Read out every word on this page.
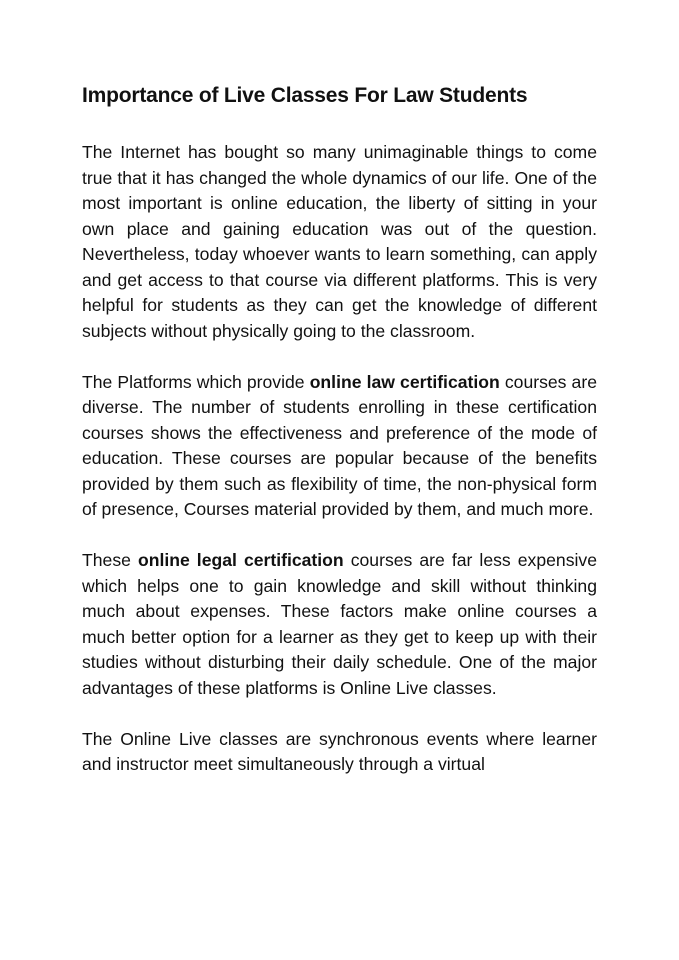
Importance of Live Classes For Law Students

The Internet has bought so many unimaginable things to come true that it has changed the whole dynamics of our life. One of the most important is online education, the liberty of sitting in your own place and gaining education was out of the question. Nevertheless, today whoever wants to learn something, can apply and get access to that course via different platforms. This is very helpful for students as they can get the knowledge of different subjects without physically going to the classroom.

The Platforms which provide online law certification courses are diverse. The number of students enrolling in these certification courses shows the effectiveness and preference of the mode of education. These courses are popular because of the benefits provided by them such as flexibility of time, the non-physical form of presence, Courses material provided by them, and much more.

These online legal certification courses are far less expensive which helps one to gain knowledge and skill without thinking much about expenses. These factors make online courses a much better option for a learner as they get to keep up with their studies without disturbing their daily schedule. One of the major advantages of these platforms is Online Live classes.

The Online Live classes are synchronous events where learner and instructor meet simultaneously through a virtual
